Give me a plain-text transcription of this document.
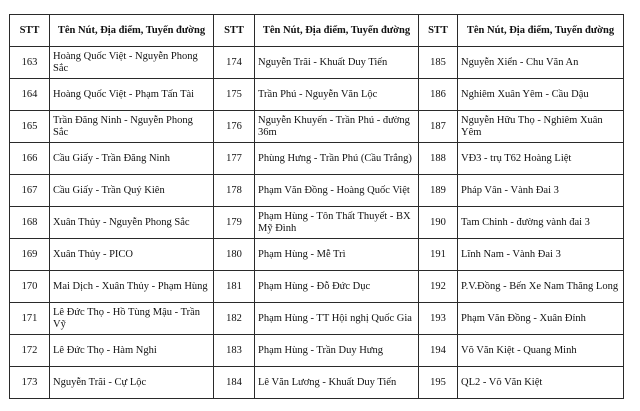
STT	Tên Nút, Địa điểm, Tuyến đường	STT	Tên Nút, Địa điểm, Tuyến đường	STT	Tên Nút, Địa điểm, Tuyến đường
163	Hoàng Quốc Việt - Nguyễn Phong Sắc	174	Nguyễn Trãi - Khuất Duy Tiến	185	Nguyễn Xiển - Chu Văn An
164	Hoàng Quốc Việt - Phạm Tấn Tài	175	Trần Phú - Nguyễn Văn Lộc	186	Nghiêm Xuân Yêm - Cầu Dậu
165	Trần Đăng Ninh - Nguyễn Phong Sắc	176	Nguyễn Khuyến - Trần Phú - đường 36m	187	Nguyễn Hữu Thọ - Nghiêm Xuân Yêm
166	Cầu Giấy - Trần Đăng Ninh	177	Phùng Hưng - Trần Phú (Cầu Trắng)	188	VĐ3 - trụ T62 Hoàng Liệt
167	Cầu Giấy - Trần Quý Kiên	178	Phạm Văn Đồng - Hoàng Quốc Việt	189	Pháp Vân - Vành Đai 3
168	Xuân Thủy - Nguyễn Phong Sắc	179	Phạm Hùng - Tôn Thất Thuyết - BX Mỹ Đình	190	Tam Chinh - đường vành đai 3
169	Xuân Thủy - PICO	180	Phạm Hùng - Mễ Trì	191	Lĩnh Nam - Vành Đai 3
170	Mai Dịch - Xuân Thủy - Phạm Hùng	181	Phạm Hùng - Đỗ Đức Dục	192	P.V.Đồng - Bến Xe Nam Thăng Long
171	Lê Đức Thọ - Hồ Tùng Mậu - Trần Vỹ	182	Phạm Hùng - TT Hội nghị Quốc Gia	193	Phạm Văn Đồng - Xuân Đỉnh
172	Lê Đức Thọ - Hàm Nghi	183	Phạm Hùng - Trần Duy Hưng	194	Võ Văn Kiệt - Quang Minh
173	Nguyễn Trãi - Cự Lộc	184	Lê Văn Lương - Khuất Duy Tiến	195	QL2 - Võ Văn Kiệt
